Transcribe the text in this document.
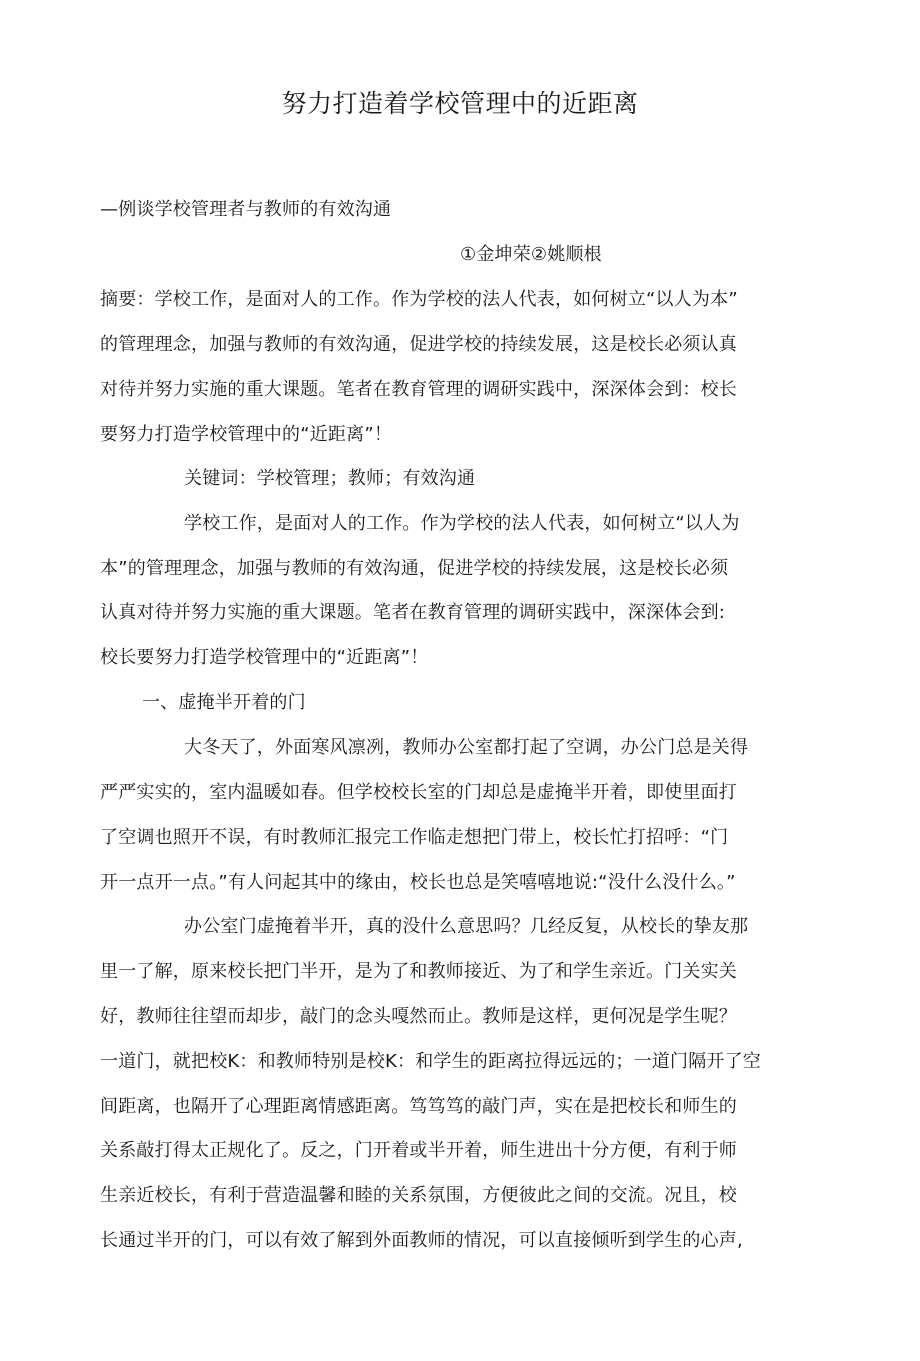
努力打造着学校管理中的近距离
—例谈学校管理者与教师的有效沟通
①金坤荣②姚顺根
摘要：学校工作，是面对人的工作。作为学校的法人代表，如何树立“以人为本”
的管理理念，加强与教师的有效沟通，促进学校的持续发展，这是校长必须认真
对待并努力实施的重大课题。笔者在教育管理的调研实践中，深深体会到：校长
要努力打造学校管理中的“近距离”！
关键词：学校管理；教师；有效沟通
学校工作，是面对人的工作。作为学校的法人代表，如何树立“以人为
本”的管理理念，加强与教师的有效沟通，促进学校的持续发展，这是校长必须
认真对待并努力实施的重大课题。笔者在教育管理的调研实践中，深深体会到:
校长要努力打造学校管理中的“近距离”！
一、虚掩半开着的门
大冬天了，外面寒风凛冽，教师办公室都打起了空调，办公门总是关得
严严实实的，室内温暖如春。但学校校长室的门却总是虚掩半开着，即使里面打
了空调也照开不误，有时教师汇报完工作临走想把门带上，校长忙打招呼：“门
开一点开一点。”有人问起其中的缘由，校长也总是笑嘻嘻地说:“没什么没什么。”
办公室门虚掩着半开，真的没什么意思吗？几经反复，从校长的挚友那
里一了解，原来校长把门半开，是为了和教师接近、为了和学生亲近。门关实关
好，教师往往望而却步，敲门的念头嘎然而止。教师是这样，更何况是学生呢？
一道门，就把校K：和教师特别是校K：和学生的距离拉得远远的；一道门隔开了空
间距离，也隔开了心理距离情感距离。笃笃笃的敲门声，实在是把校长和师生的
关系敲打得太正规化了。反之，门开着或半开着，师生进出十分方便，有利于师
生亲近校长，有利于营造温馨和睦的关系氛围，方便彼此之间的交流。况且，校
长通过半开的门，可以有效了解到外面教师的情况，可以直接倾听到学生的心声,
